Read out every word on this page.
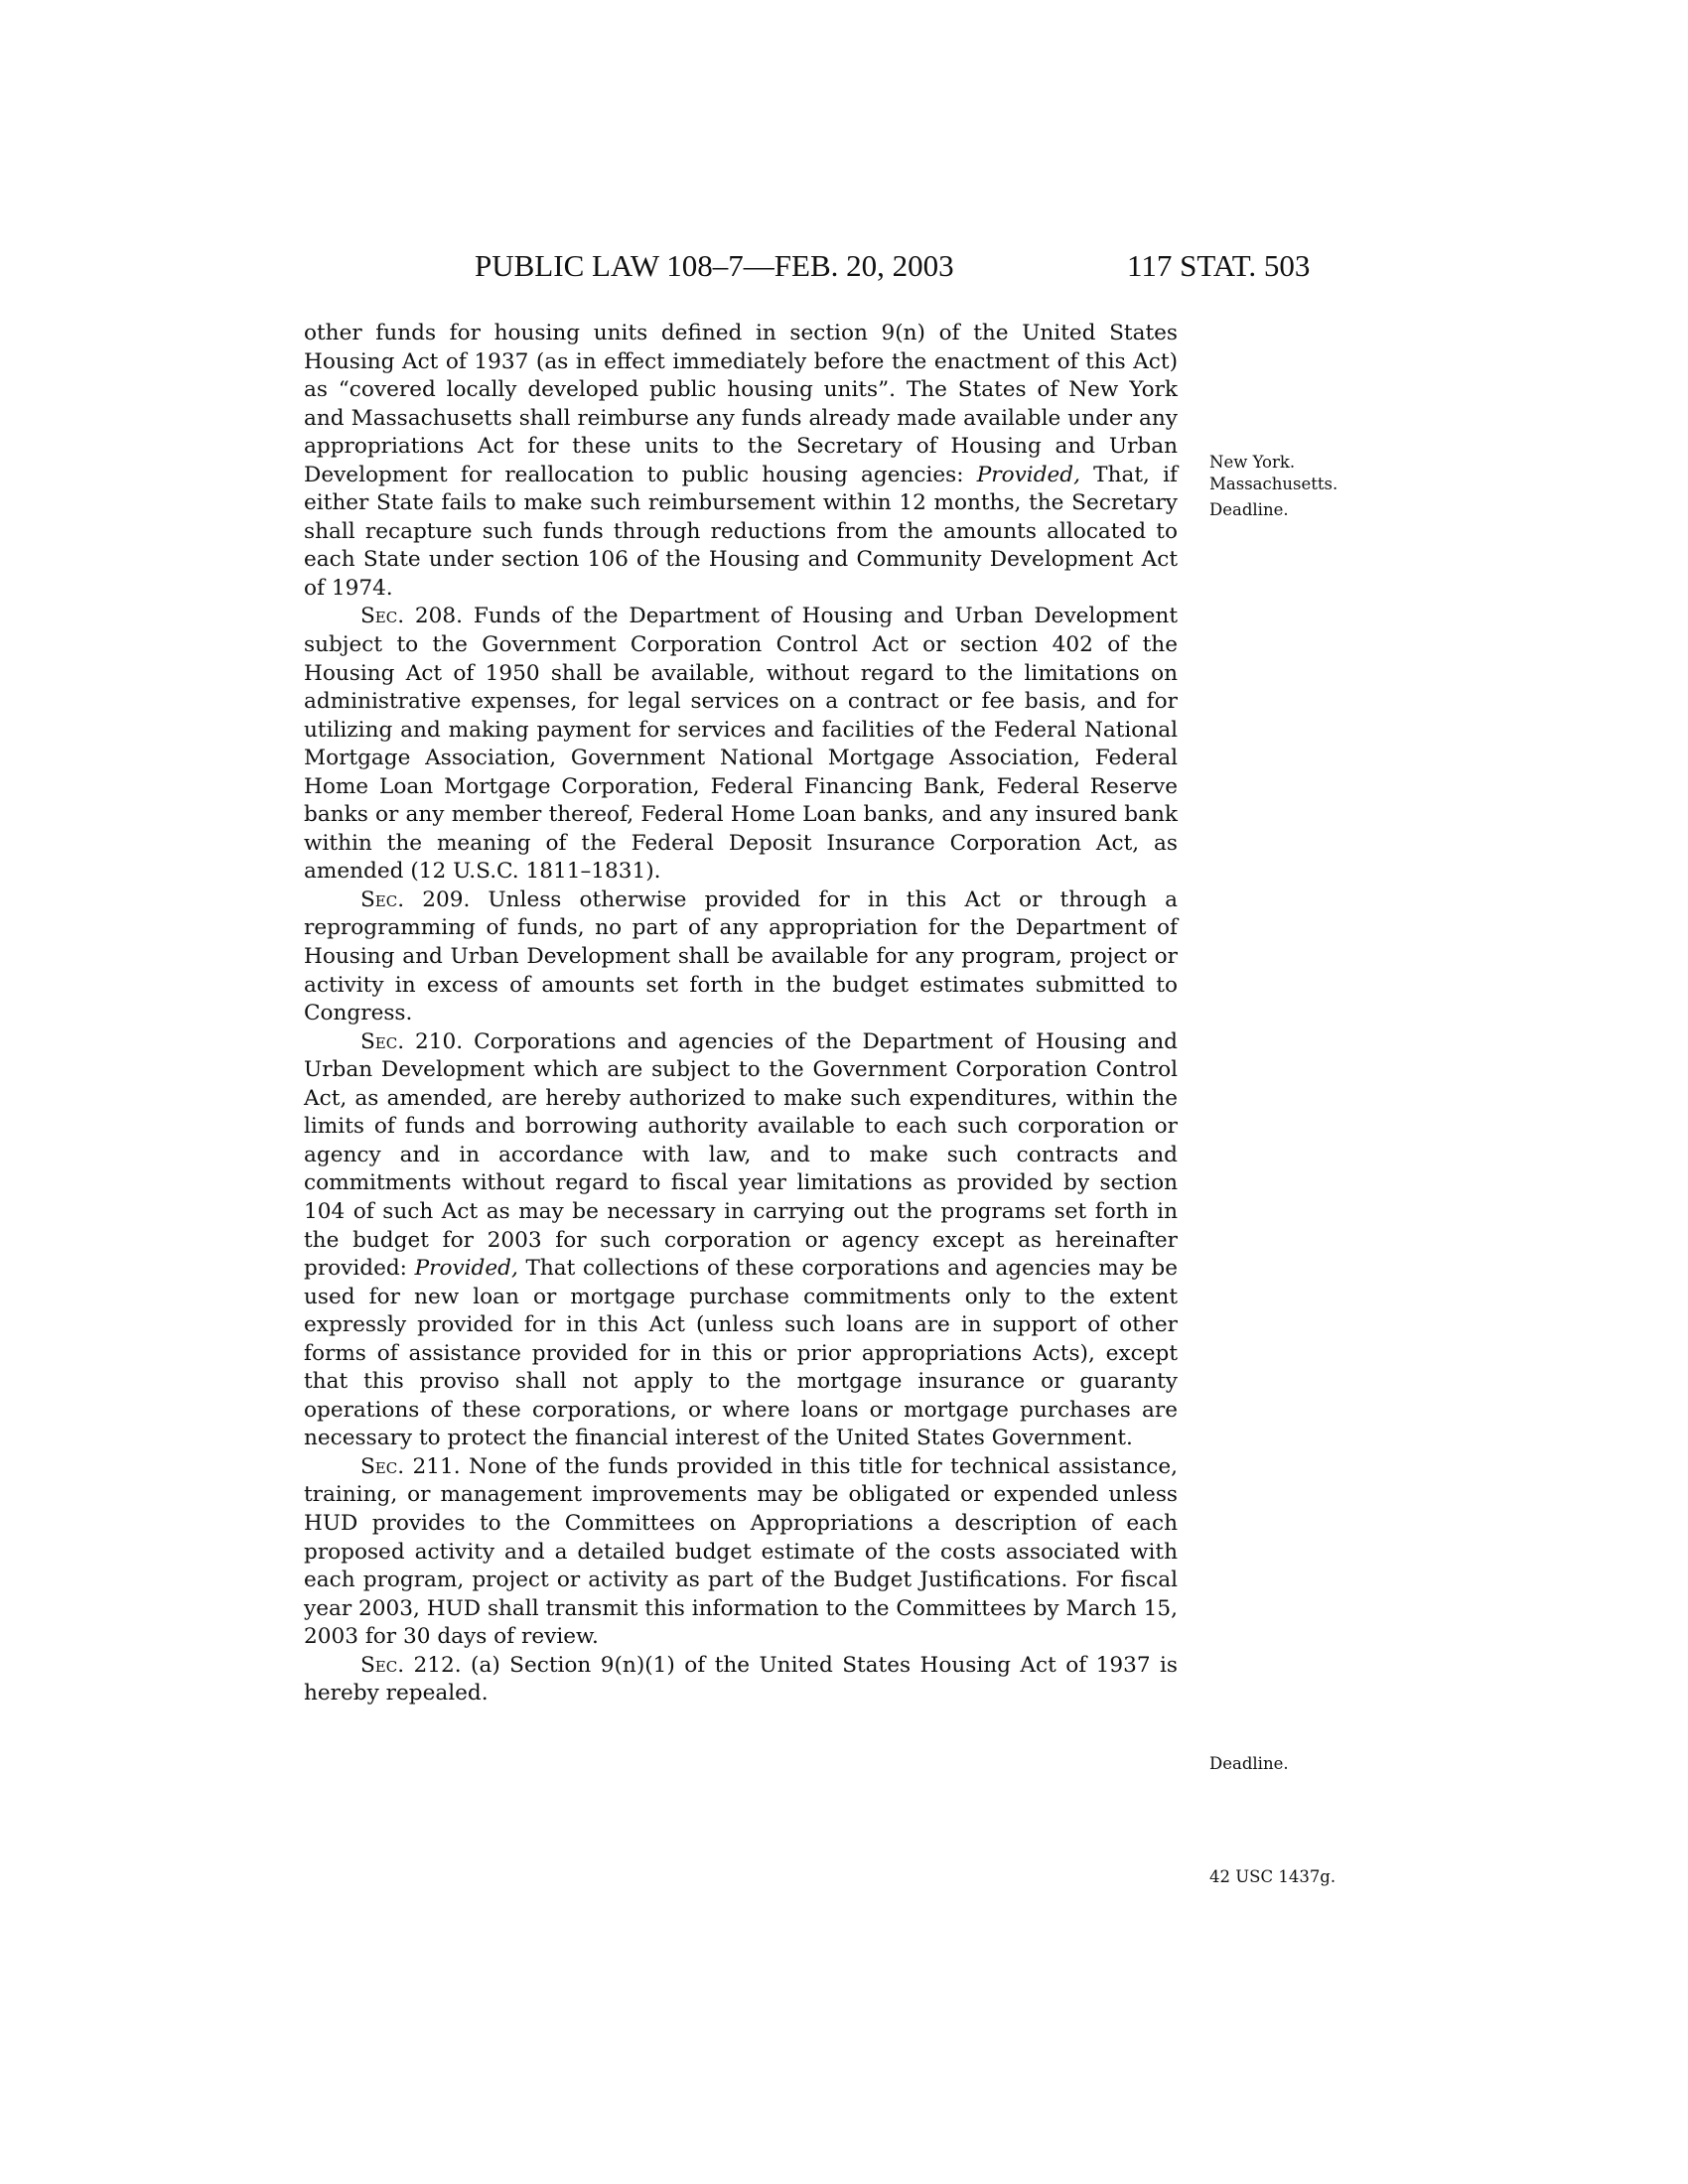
PUBLIC LAW 108–7—FEB. 20, 2003	117 STAT. 503

other funds for housing units defined in section 9(n) of the United States Housing Act of 1937 (as in effect immediately before the enactment of this Act) as “covered locally developed public housing units”. The States of New York and Massachusetts shall reimburse any funds already made available under any appropriations Act for these units to the Secretary of Housing and Urban Development for reallocation to public housing agencies: Provided, That, if either State fails to make such reimbursement within 12 months, the Secretary shall recapture such funds through reductions from the amounts allocated to each State under section 106 of the Housing and Community Development Act of 1974.

Sec. 208. Funds of the Department of Housing and Urban Development subject to the Government Corporation Control Act or section 402 of the Housing Act of 1950 shall be available, without regard to the limitations on administrative expenses, for legal services on a contract or fee basis, and for utilizing and making payment for services and facilities of the Federal National Mortgage Association, Government National Mortgage Association, Federal Home Loan Mortgage Corporation, Federal Financing Bank, Federal Reserve banks or any member thereof, Federal Home Loan banks, and any insured bank within the meaning of the Federal Deposit Insurance Corporation Act, as amended (12 U.S.C. 1811–1831).

Sec. 209. Unless otherwise provided for in this Act or through a reprogramming of funds, no part of any appropriation for the Department of Housing and Urban Development shall be available for any program, project or activity in excess of amounts set forth in the budget estimates submitted to Congress.

Sec. 210. Corporations and agencies of the Department of Housing and Urban Development which are subject to the Government Corporation Control Act, as amended, are hereby authorized to make such expenditures, within the limits of funds and borrowing authority available to each such corporation or agency and in accordance with law, and to make such contracts and commitments without regard to fiscal year limitations as provided by section 104 of such Act as may be necessary in carrying out the programs set forth in the budget for 2003 for such corporation or agency except as hereinafter provided: Provided, That collections of these corporations and agencies may be used for new loan or mortgage purchase commitments only to the extent expressly provided for in this Act (unless such loans are in support of other forms of assistance provided for in this or prior appropriations Acts), except that this proviso shall not apply to the mortgage insurance or guaranty operations of these corporations, or where loans or mortgage purchases are necessary to protect the financial interest of the United States Government.

Sec. 211. None of the funds provided in this title for technical assistance, training, or management improvements may be obligated or expended unless HUD provides to the Committees on Appropriations a description of each proposed activity and a detailed budget estimate of the costs associated with each program, project or activity as part of the Budget Justifications. For fiscal year 2003, HUD shall transmit this information to the Committees by March 15, 2003 for 30 days of review.

Sec. 212. (a) Section 9(n)(1) of the United States Housing Act of 1937 is hereby repealed.

New York.
Massachusetts.
Deadline.
Deadline.
42 USC 1437g.
